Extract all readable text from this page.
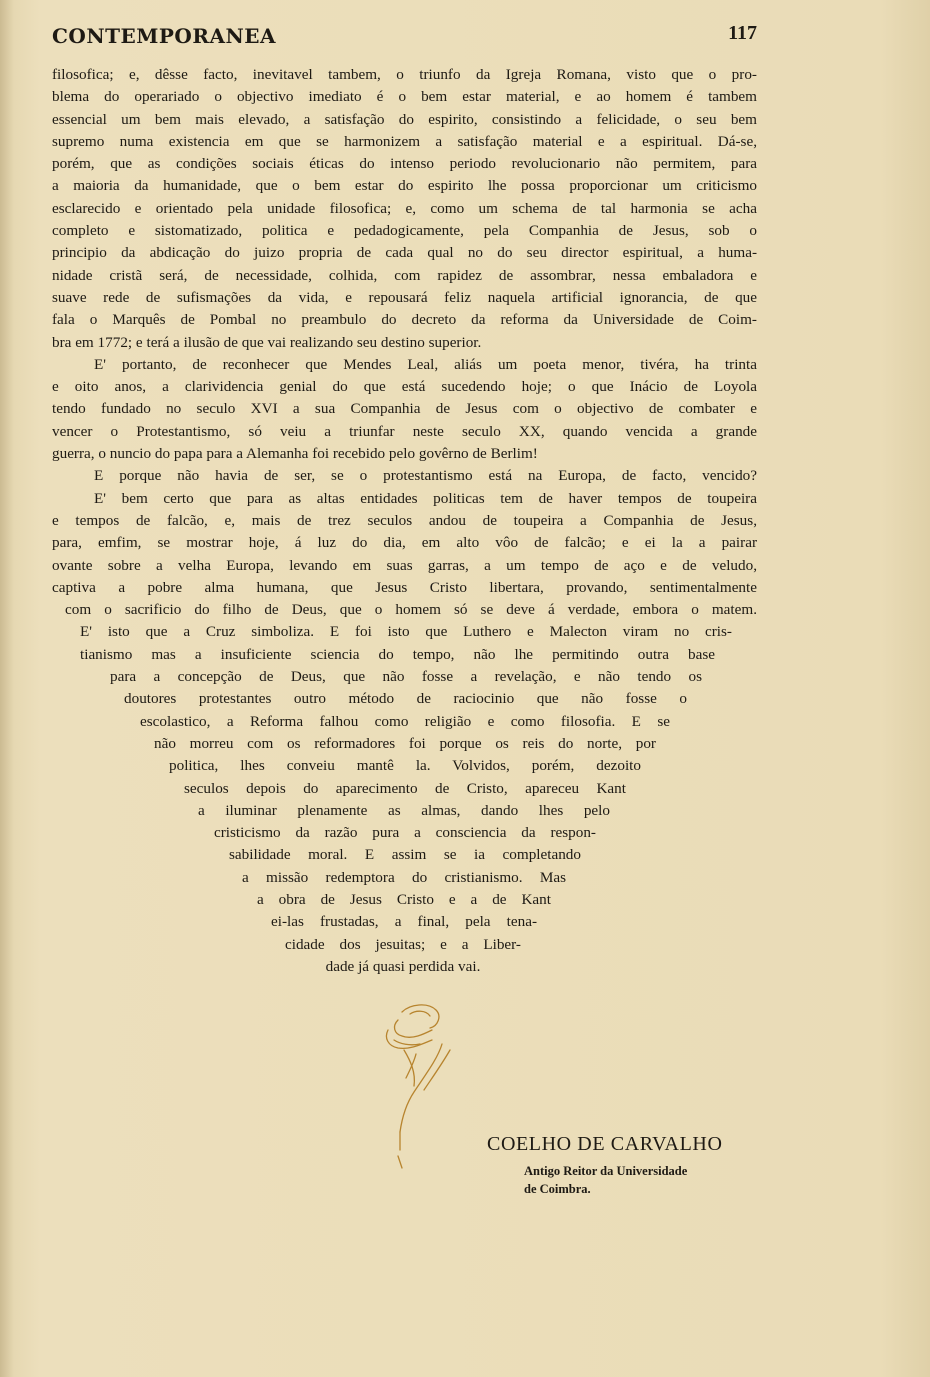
CONTEMPORANEA	117
filosofica; e, dêsse facto, inevitavel tambem, o triunfo da Igreja Romana, visto que o pro-
blema do operariado o objectivo imediato é o bem estar material, e ao homem é tambem
essencial um bem mais elevado, a satisfação do espirito, consistindo a felicidade, o seu bem
supremo numa existencia em que se harmonizem a satisfação material e a espiritual. Dá-se,
porém, que as condições sociais éticas do intenso periodo revolucionario não permitem, para
a maioria da humanidade, que o bem estar do espirito lhe possa proporcionar um criticismo
esclarecido e orientado pela unidade filosofica; e, como um schema de tal harmonia se acha
completo e sistomatizado, politica e pedadogicamente, pela Companhia de Jesus, sob o
principio da abdicação do juizo propria de cada qual no do seu director espiritual, a huma-
nidade cristã será, de necessidade, colhida, com rapidez de assombrar, nessa embaladora e
suave rede de sufismações da vida, e repousará feliz naquela artificial ignorancia, de que
fala o Marquês de Pombal no preambulo do decreto da reforma da Universidade de Coim-
bra em 1772; e terá a ilusão de que vai realizando seu destino superior.
E' portanto, de reconhecer que Mendes Leal, aliás um poeta menor, tivéra, ha trinta
e oito anos, a clarividencia genial do que está sucedendo hoje; o que Inácio de Loyola
tendo fundado no seculo XVI a sua Companhia de Jesus com o objectivo de combater e
vencer o Protestantismo, só veiu a triunfar neste seculo XX, quando vencida a grande
guerra, o nuncio do papa para a Alemanha foi recebido pelo govêrno de Berlim!
E porque não havia de ser, se o protestantismo está na Europa, de facto, vencido?
E' bem certo que para as altas entidades politicas tem de haver tempos de toupeira
e tempos de falcão, e, mais de trez seculos andou de toupeira a Companhia de Jesus,
para, emfim, se mostrar hoje, á luz do dia, em alto vôo de falcão; e ei la a pairar
ovante sobre a velha Europa, levando em suas garras, a um tempo de aço e de veludo,
captiva a pobre alma humana, que Jesus Cristo libertara, provando, sentimentalmente
com o sacrificio do filho de Deus, que o homem só se deve á verdade, embora o matem.
E' isto que a Cruz simboliza. E foi isto que Luthero e Malecton viram no cris-
tianismo mas a insuficiente sciencia do tempo, não lhe permitindo outra base
para a concepção de Deus, que não fosse a revelação, e não tendo os
doutores protestantes outro método de raciocinio que não fosse o
escolastico, a Reforma falhou como religião e como filosofia. E se
não morreu com os reformadores foi porque os reis do norte, por
politica, lhes conveiu mantê la. Volvidos, porém, dezoito
seculos depois do aparecimento de Cristo, apareceu Kant
a iluminar plenamente as almas, dando lhes pelo
cristicismo da razão pura a consciencia da respon-
sabilidade moral. E assim se ia completando
a missão redemptora do cristianismo. Mas
a obra de Jesus Cristo e a de Kant
ei-las frustadas, a final, pela tena-
cidade dos jesuitas; e a Liber-
dade já quasi perdida vai.
COELHO DE CARVALHO
Antigo Reitor da Universidade
de Coimbra.
